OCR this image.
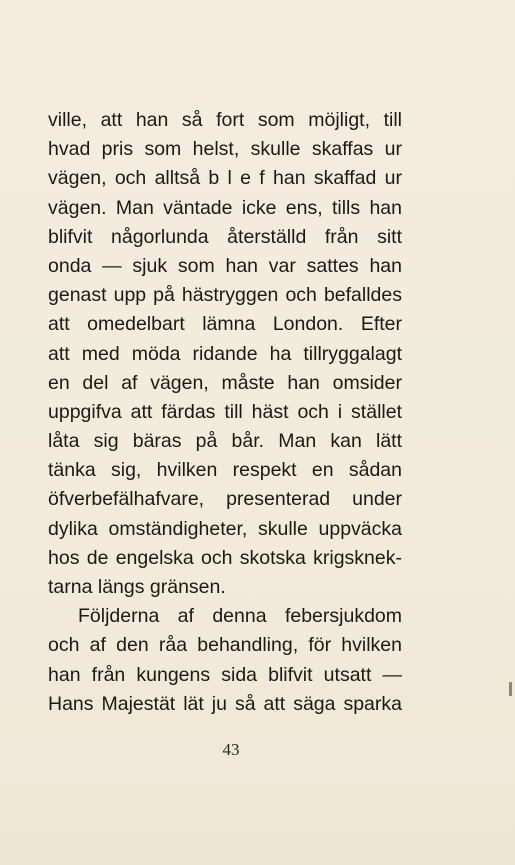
ville, att han så fort som möjligt, till
hvad pris som helst, skulle skaffas ur
vägen, och alltså b l e f han skaffad ur
vägen. Man väntade icke ens, tills han
blifvit någorlunda återställd från sitt
onda — sjuk som han var sattes han
genast upp på hästryggen och befalldes
att omedelbart lämna London. Efter
att med möda ridande ha tillryggalagt
en del af vägen, måste han omsider
uppgifva att färdas till häst och i stället
låta sig bäras på bår. Man kan lätt
tänka sig, hvilken respekt en sådan
öfverbefälhafvare, presenterad under
dylika omständigheter, skulle uppväcka
hos de engelska och skotska krigsknek-
tarna längs gränsen.
Följderna af denna febersjukdom
och af den råa behandling, för hvilken
han från kungens sida blifvit utsatt —
Hans Majestät lät ju så att säga sparka
43
